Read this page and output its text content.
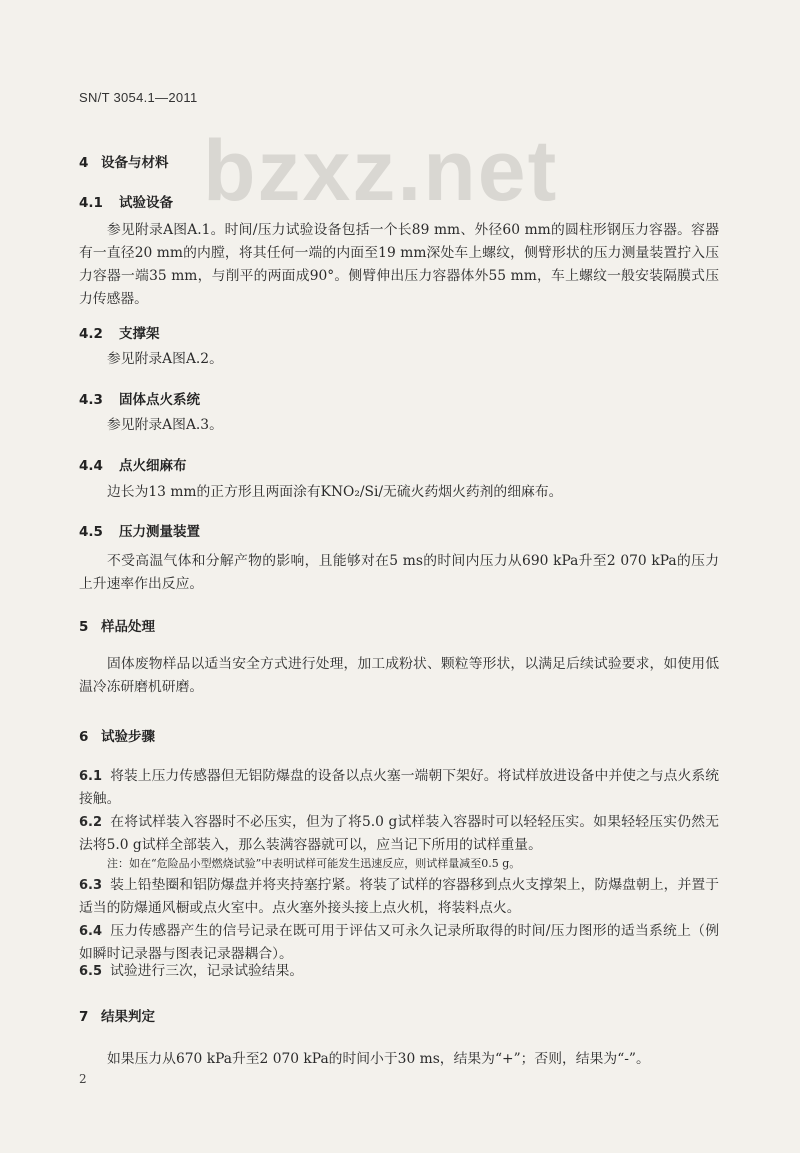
SN/T 3054.1—2011
bzxz.net
4 设备与材料
4.1 试验设备
参见附录A图A.1。时间/压力试验设备包括一个长89 mm、外径60 mm的圆柱形钢压力容器。容器有一直径20 mm的内膛，将其任何一端的内面至19 mm深处车上螺纹，侧臂形状的压力测量装置拧入压力容器一端35 mm，与削平的两面成90°。侧臂伸出压力容器体外55 mm，车上螺纹一般安装隔膜式压力传感器。
4.2 支撑架
参见附录A图A.2。
4.3 固体点火系统
参见附录A图A.3。
4.4 点火细麻布
边长为13 mm的正方形且两面涂有KNO₂/Si/无硫火药烟火药剂的细麻布。
4.5 压力测量装置
不受高温气体和分解产物的影响，且能够对在5 ms的时间内压力从690 kPa升至2 070 kPa的压力上升速率作出反应。
5 样品处理
固体废物样品以适当安全方式进行处理，加工成粉状、颗粒等形状，以满足后续试验要求，如使用低温冷冻研磨机研磨。
6 试验步骤
6.1 将装上压力传感器但无铝防爆盘的设备以点火塞一端朝下架好。将试样放进设备中并使之与点火系统接触。
6.2 在将试样装入容器时不必压实，但为了将5.0 g试样装入容器时可以轻轻压实。如果轻轻压实仍然无法将5.0 g试样全部装入，那么装满容器就可以，应当记下所用的试样重量。
注：如在“危险品小型燃烧试验”中表明试样可能发生迅速反应，则试样量减至0.5 g。
6.3 装上铅垫圈和铝防爆盘并将夹持塞拧紧。将装了试样的容器移到点火支撑架上，防爆盘朝上，并置于适当的防爆通风橱或点火室中。点火塞外接头接上点火机，将装料点火。
6.4 压力传感器产生的信号记录在既可用于评估又可永久记录所取得的时间/压力图形的适当系统上（例如瞬时记录器与图表记录器耦合）。
6.5 试验进行三次，记录试验结果。
7 结果判定
如果压力从670 kPa升至2 070 kPa的时间小于30 ms，结果为“+”；否则，结果为“-”。
2
